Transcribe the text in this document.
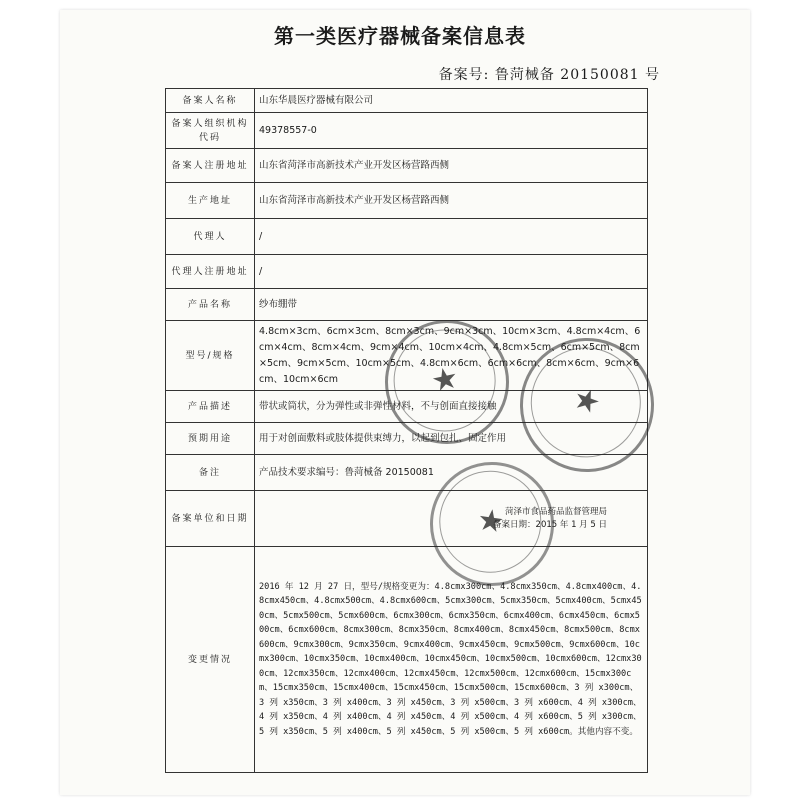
第一类医疗器械备案信息表
备案号: 鲁菏械备 20150081 号
备案人名称	山东华晨医疗器械有限公司
备案人组织机构代码	49378557-0
备案人注册地址	山东省菏泽市高新技术产业开发区杨营路西侧
生产地址	山东省菏泽市高新技术产业开发区杨营路西侧
代理人	/
代理人注册地址	/
产品名称	纱布绷带
型号/规格	4.8cm×3cm、6cm×3cm、8cm×3cm、9cm×3cm、10cm×3cm、4.8cm×4cm、6cm×4cm、8cm×4cm、9cm×4cm、10cm×4cm、4.8cm×5cm、6cm×5cm、8cm×5cm、9cm×5cm、10cm×5cm、4.8cm×6cm、6cm×6cm、8cm×6cm、9cm×6cm、10cm×6cm
产品描述	带状或筒状，分为弹性或非弹性材料，不与创面直接接触
预期用途	用于对创面敷料或肢体提供束缚力，以起到包扎、固定作用
备注	产品技术要求编号：鲁菏械备 20150081
备案单位和日期	菏泽市食品药品监督管理局
备案日期：2015 年 1 月 5 日

变更情况	2016 年 12 月 27 日，型号/规格变更为：4.8cmx300cm、4.8cmx350cm、4.8cmx400cm、4.8cmx450cm、4.8cmx500cm、4.8cmx600cm、5cmx300cm、5cmx350cm、5cmx400cm、5cmx450cm、5cmx500cm、5cmx600cm、6cmx300cm、6cmx350cm、6cmx400cm、6cmx450cm、6cmx500cm、6cmx600cm、8cmx300cm、8cmx350cm、8cmx400cm、8cmx450cm、8cmx500cm、8cmx600cm、9cmx300cm、9cmx350cm、9cmx400cm、9cmx450cm、9cmx500cm、9cmx600cm、10cmx300cm、10cmx350cm、10cmx400cm、10cmx450cm、10cmx500cm、10cmx600cm、12cmx300cm、12cmx350cm、12cmx400cm、12cmx450cm、12cmx500cm、12cmx600cm、15cmx300cm、15cmx350cm、15cmx400cm、15cmx450cm、15cmx500cm、15cmx600cm、3 列 x300cm、3 列 x350cm、3 列 x400cm、3 列 x450cm、3 列 x500cm、3 列 x600cm、4 列 x300cm、4 列 x350cm、4 列 x400cm、4 列 x450cm、4 列 x500cm、4 列 x600cm、5 列 x300cm、5 列 x350cm、5 列 x400cm、5 列 x450cm、5 列 x500cm、5 列 x600cm。其他内容不变。
★
★
★
